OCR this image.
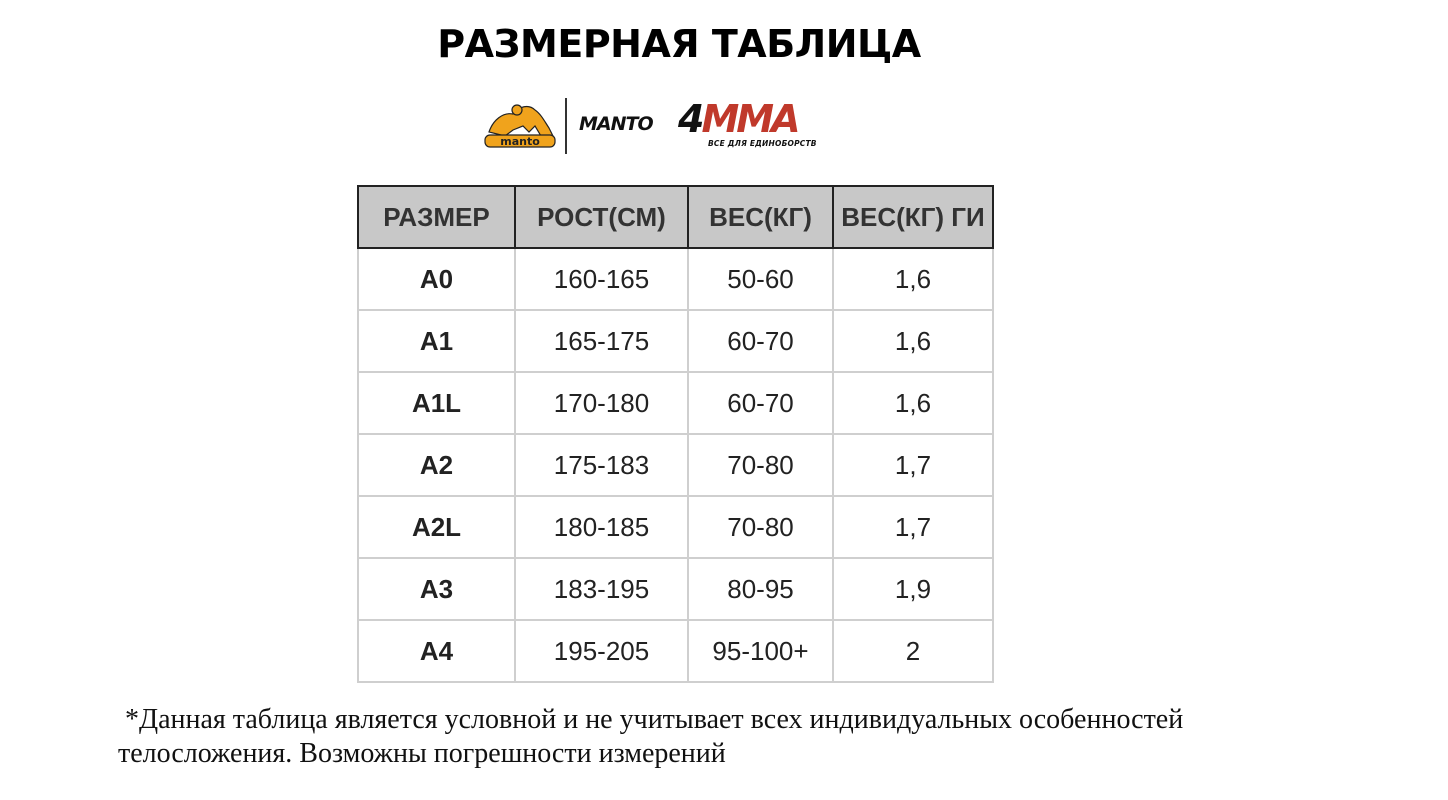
РАЗМЕРНАЯ ТАБЛИЦА
manto
MANTO 4MMA
ВСЕ ДЛЯ ЕДИНОБОРСТВ
РАЗМЕР	РОСТ(СМ)	ВЕС(КГ)	ВЕС(КГ) ГИ
A0	160-165	50-60	1,6
A1	165-175	60-70	1,6
A1L	170-180	60-70	1,6
A2	175-183	70-80	1,7
A2L	180-185	70-80	1,7
A3	183-195	80-95	1,9
A4	195-205	95-100+	2
*Данная таблица является условной и не учитывает всех индивидуальных особенностей
телосложения. Возможны погрешности измерений
